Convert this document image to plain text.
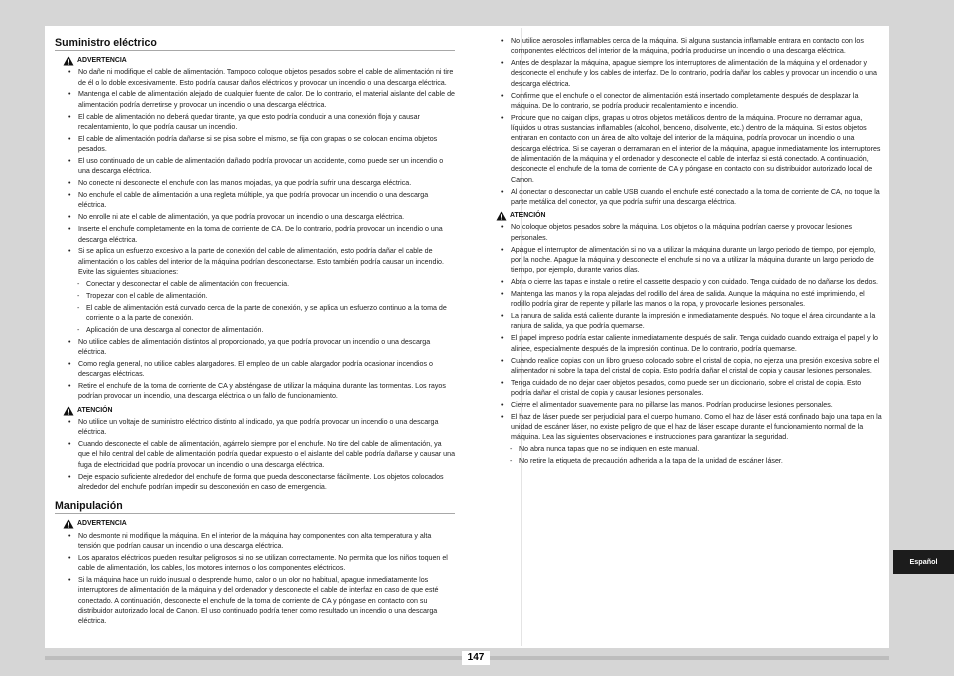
Suministro eléctrico
ADVERTENCIA
• No dañe ni modifique el cable de alimentación. Tampoco coloque objetos pesados sobre el cable de alimentación ni tire de él o lo doble excesivamente. Esto podría causar daños eléctricos y provocar un incendio o una descarga eléctrica.
• Mantenga el cable de alimentación alejado de cualquier fuente de calor. De lo contrario, el material aislante del cable de alimentación podría derretirse y provocar un incendio o una descarga eléctrica.
• El cable de alimentación no deberá quedar tirante, ya que esto podría conducir a una conexión floja y causar recalentamiento, lo que podría causar un incendio.
• El cable de alimentación podría dañarse si se pisa sobre el mismo, se fija con grapas o se colocan encima objetos pesados.
• El uso continuado de un cable de alimentación dañado podría provocar un accidente, como puede ser un incendio o una descarga eléctrica.
• No conecte ni desconecte el enchufe con las manos mojadas, ya que podría sufrir una descarga eléctrica.
• No enchufe el cable de alimentación a una regleta múltiple, ya que podría provocar un incendio o una descarga eléctrica.
• No enrolle ni ate el cable de alimentación, ya que podría provocar un incendio o una descarga eléctrica.
• Inserte el enchufe completamente en la toma de corriente de CA. De lo contrario, podría provocar un incendio o una descarga eléctrica.
• Si se aplica un esfuerzo excesivo a la parte de conexión del cable de alimentación, esto podría dañar el cable de alimentación o los cables del interior de la máquina podrían desconectarse. Esto también podría causar un incendio. Evite las siguientes situaciones:
- Conectar y desconectar el cable de alimentación con frecuencia.
- Tropezar con el cable de alimentación.
- El cable de alimentación está curvado cerca de la parte de conexión, y se aplica un esfuerzo continuo a la toma de corriente o a la parte de conexión.
- Aplicación de una descarga al conector de alimentación.
• No utilice cables de alimentación distintos al proporcionado, ya que podría provocar un incendio o una descarga eléctrica.
• Como regla general, no utilice cables alargadores. El empleo de un cable alargador podría ocasionar incendios o descargas eléctricas.
• Retire el enchufe de la toma de corriente de CA y absténgase de utilizar la máquina durante las tormentas. Los rayos podrían provocar un incendio, una descarga eléctrica o un fallo de funcionamiento.
ATENCIÓN
• No utilice un voltaje de suministro eléctrico distinto al indicado, ya que podría provocar un incendio o una descarga eléctrica.
• Cuando desconecte el cable de alimentación, agárrelo siempre por el enchufe. No tire del cable de alimentación, ya que el hilo central del cable de alimentación podría quedar expuesto o el aislante del cable podría dañarse y causar una fuga de electricidad que podría provocar un incendio o una descarga eléctrica.
• Deje espacio suficiente alrededor del enchufe de forma que pueda desconectarse fácilmente. Los objetos colocados alrededor del enchufe podrían impedir su desconexión en caso de emergencia.
Manipulación
ADVERTENCIA
• No desmonte ni modifique la máquina. En el interior de la máquina hay componentes con alta temperatura y alta tensión que podrían causar un incendio o una descarga eléctrica.
• Los aparatos eléctricos pueden resultar peligrosos si no se utilizan correctamente. No permita que los niños toquen el cable de alimentación, los cables, los motores internos o los componentes eléctricos.
• Si la máquina hace un ruido inusual o desprende humo, calor o un olor no habitual, apague inmediatamente los interruptores de alimentación de la máquina y del ordenador y desconecte el cable de interfaz en caso de que esté conectado. A continuación, desconecte el enchufe de la toma de corriente de CA y póngase en contacto con su distribuidor autorizado local de Canon. El uso continuado podría tener como resultado un incendio o una descarga eléctrica.
• No utilice aerosoles inflamables cerca de la máquina. Si alguna sustancia inflamable entrara en contacto con los componentes eléctricos del interior de la máquina, podría producirse un incendio o una descarga eléctrica.
• Antes de desplazar la máquina, apague siempre los interruptores de alimentación de la máquina y el ordenador y desconecte el enchufe y los cables de interfaz. De lo contrario, podría dañar los cables y provocar un incendio o una descarga eléctrica.
• Confirme que el enchufe o el conector de alimentación está insertado completamente después de desplazar la máquina. De lo contrario, se podría producir recalentamiento e incendio.
• Procure que no caigan clips, grapas u otros objetos metálicos dentro de la máquina. Procure no derramar agua, líquidos u otras sustancias inflamables (alcohol, benceno, disolvente, etc.) dentro de la máquina. Si estos objetos entraran en contacto con un área de alto voltaje del interior de la máquina, podría provocar un incendio o una descarga eléctrica. Si se cayeran o derramaran en el interior de la máquina, apague inmediatamente los interruptores de alimentación de la máquina y el ordenador y desconecte el cable de interfaz si está conectado. A continuación, desconecte el enchufe de la toma de corriente de CA y póngase en contacto con su distribuidor autorizado local de Canon.
• Al conectar o desconectar un cable USB cuando el enchufe esté conectado a la toma de corriente de CA, no toque la parte metálica del conector, ya que podría sufrir una descarga eléctrica.
ATENCIÓN
• No coloque objetos pesados sobre la máquina. Los objetos o la máquina podrían caerse y provocar lesiones personales.
• Apague el interruptor de alimentación si no va a utilizar la máquina durante un largo periodo de tiempo, por ejemplo, por la noche. Apague la máquina y desconecte el enchufe si no va a utilizar la máquina durante un largo periodo de tiempo, por ejemplo, durante varios días.
• Abra o cierre las tapas e instale o retire el cassette despacio y con cuidado. Tenga cuidado de no dañarse los dedos.
• Mantenga las manos y la ropa alejadas del rodillo del área de salida. Aunque la máquina no esté imprimiendo, el rodillo podría girar de repente y pillarle las manos o la ropa, y provocarle lesiones personales.
• La ranura de salida está caliente durante la impresión e inmediatamente después. No toque el área circundante a la ranura de salida, ya que podría quemarse.
• El papel impreso podría estar caliente inmediatamente después de salir. Tenga cuidado cuando extraiga el papel y lo alinee, especialmente después de la impresión continua. De lo contrario, podría quemarse.
• Cuando realice copias con un libro grueso colocado sobre el cristal de copia, no ejerza una presión excesiva sobre el alimentador ni sobre la tapa del cristal de copia. Esto podría dañar el cristal de copia y causar lesiones personales.
• Tenga cuidado de no dejar caer objetos pesados, como puede ser un diccionario, sobre el cristal de copia. Esto podría dañar el cristal de copia y causar lesiones personales.
• Cierre el alimentador suavemente para no pillarse las manos. Podrían producirse lesiones personales.
• El haz de láser puede ser perjudicial para el cuerpo humano. Como el haz de láser está confinado bajo una tapa en la unidad de escáner láser, no existe peligro de que el haz de láser escape durante el funcionamiento normal de la máquina. Lea las siguientes observaciones e instrucciones para garantizar la seguridad.
- No abra nunca tapas que no se indiquen en este manual.
- No retire la etiqueta de precaución adherida a la tapa de la unidad de escáner láser.
147
Español
